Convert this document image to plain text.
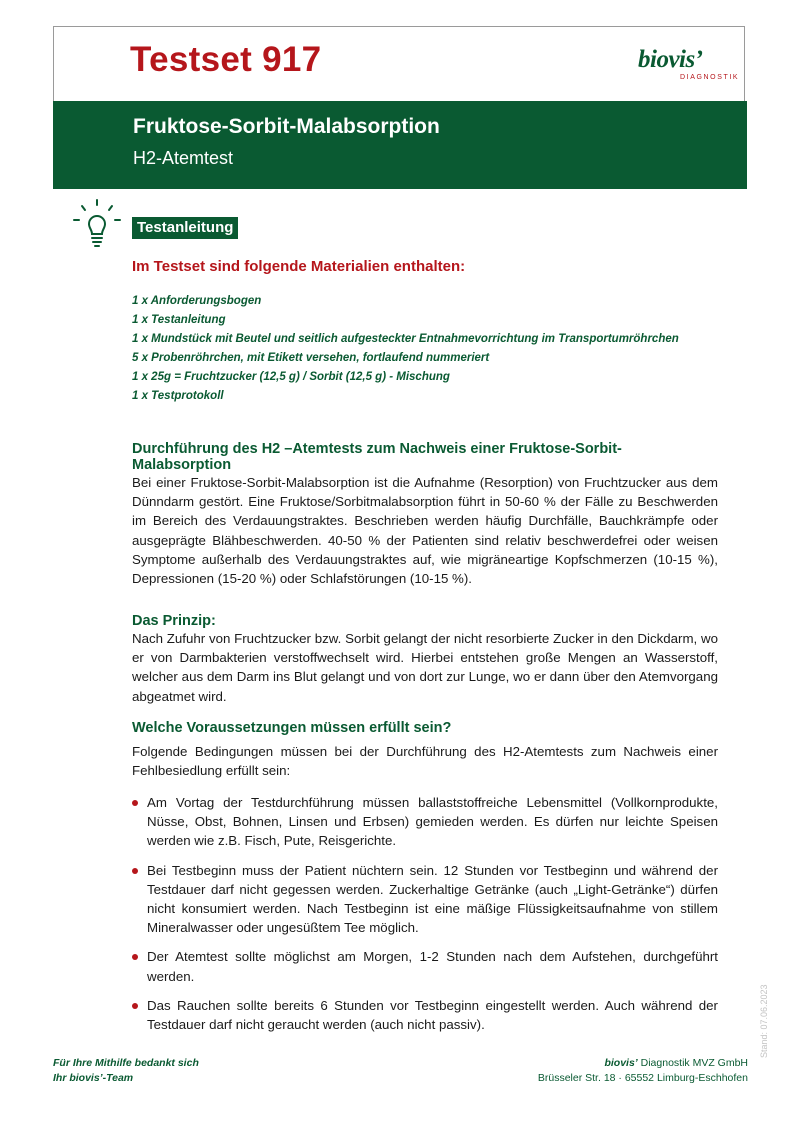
Testset 917	biovis’
DIAGNOSTIK
Fruktose-Sorbit-Malabsorption

H2-Atemtest

Testanleitung
Im Testset sind folgende Materialien enthalten:
1 x Anforderungsbogen
1 x Testanleitung
1 x Mundstück mit Beutel und seitlich aufgesteckter Entnahmevorrichtung im Transportumröhrchen
5 x Probenröhrchen, mit Etikett versehen, fortlaufend nummeriert
1 x 25g = Fruchtzucker (12,5 g) / Sorbit (12,5 g) - Mischung
1 x Testprotokoll
Durchführung des H2 –Atemtests zum Nachweis einer Fruktose-Sorbit-Malabsorption

Bei einer Fruktose-Sorbit-Malabsorption ist die Aufnahme (Resorption) von Fruchtzucker aus dem Dünndarm gestört. Eine Fruktose/Sorbitmalabsorption führt in 50-60 % der Fälle zu Beschwerden im Bereich des Verdauungstraktes. Beschrieben werden häufig Durchfälle, Bauchkrämpfe oder ausgeprägte Blähbeschwerden. 40-50 % der Patienten sind relativ beschwerdefrei oder weisen Symptome außerhalb des Verdauungstraktes auf, wie migräneartige Kopfschmerzen (10-15 %), Depressionen (15-20 %) oder Schlafstörungen (10-15 %).

Das Prinzip:

Nach Zufuhr von Fruchtzucker bzw. Sorbit gelangt der nicht resorbierte Zucker in den Dickdarm, wo er von Darmbakterien verstoffwechselt wird. Hierbei entstehen große Mengen an Wasserstoff, welcher aus dem Darm ins Blut gelangt und von dort zur Lunge, wo er dann über den Atemvorgang abgeatmet wird.

Welche Voraussetzungen müssen erfüllt sein?

Folgende Bedingungen müssen bei der Durchführung des H2-Atemtests zum Nachweis einer Fehlbesiedlung erfüllt sein:

Am Vortag der Testdurchführung müssen ballaststoffreiche Lebensmittel (Vollkornprodukte, Nüsse, Obst, Bohnen, Linsen und Erbsen) gemieden werden. Es dürfen nur leichte Speisen werden wie z.B. Fisch, Pute, Reisgerichte.
Bei Testbeginn muss der Patient nüchtern sein. 12 Stunden vor Testbeginn und während der Testdauer darf nicht gegessen werden. Zuckerhaltige Getränke (auch „Light-Getränke“) dürfen nicht konsumiert werden. Nach Testbeginn ist eine mäßige Flüssigkeitsaufnahme von stillem Mineralwasser oder ungesüßtem Tee möglich.
Der Atemtest sollte möglichst am Morgen, 1-2 Stunden nach dem Aufstehen, durchgeführt werden.
Das Rauchen sollte bereits 6 Stunden vor Testbeginn eingestellt werden. Auch während der Testdauer darf nicht geraucht werden (auch nicht passiv).	Stand: 07.06.2023
Für Ihre Mithilfe bedankt sich
Ihr biovis’-Team
biovis’ Diagnostik MVZ GmbH
Brüsseler Str. 18 · 65552 Limburg-Eschhofen
